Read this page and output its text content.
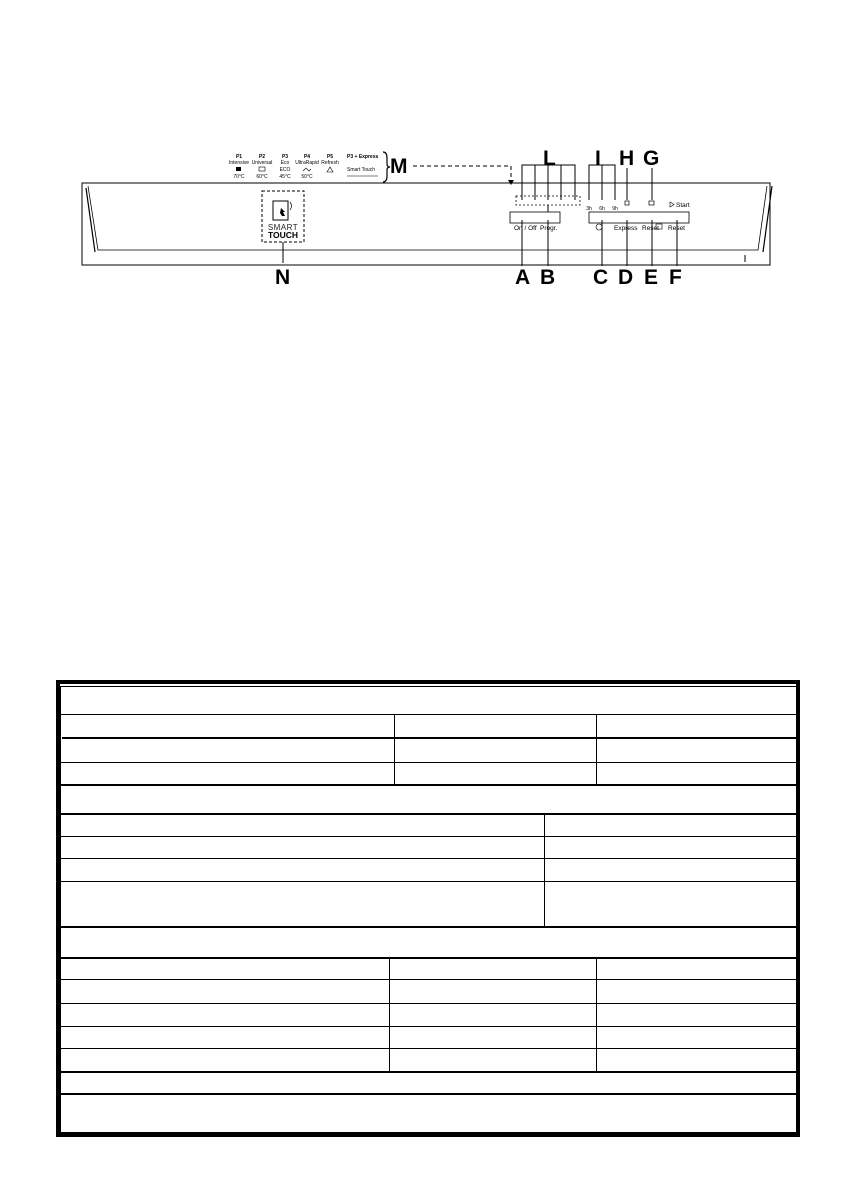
P1
Intensive
70°C
P2
Universal
60°C
P3
Eco
ECO
45°C
P4
UltraRapid
50°C
P5
Refresh
P3 + Express
Smart Touch M
SMART
TOUCH
N
L I
3h 6h 9h
H G
Start
On / Off Progr.	Express Reset Reset
A B C D E F
